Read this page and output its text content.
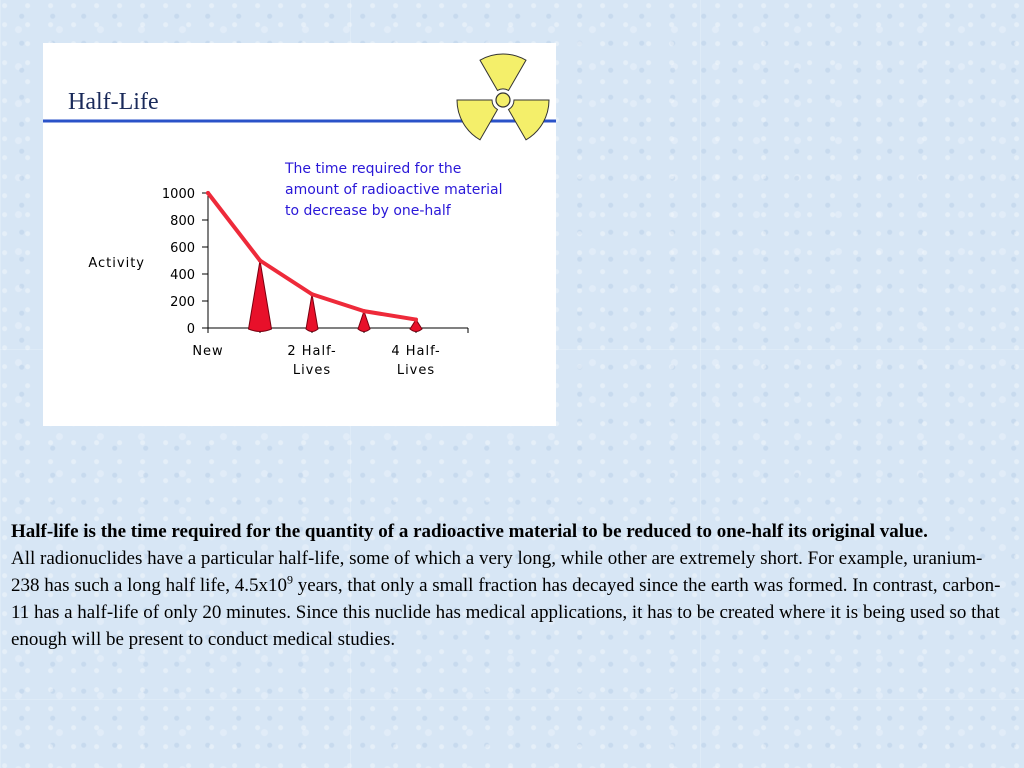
Half-Life
The time required for the
amount of radioactive material
to decrease by one-half
Activity
0
200
400
600
800
1000
New	2 Half-
Lives
4 Half-
Lives

Half-life is the time required for the quantity of a radioactive material to be reduced to one-half its original value.

All radionuclides have a particular half-life, some of which a very long, while other are extremely short. For example, uranium-238 has such a long half life, $4.5x10^9$ years, that only a small fraction has decayed since the earth was formed. In contrast, carbon-11 has a half-life of only 20 minutes. Since this nuclide has medical applications, it has to be created where it is being used so that enough will be present to conduct medical studies.
